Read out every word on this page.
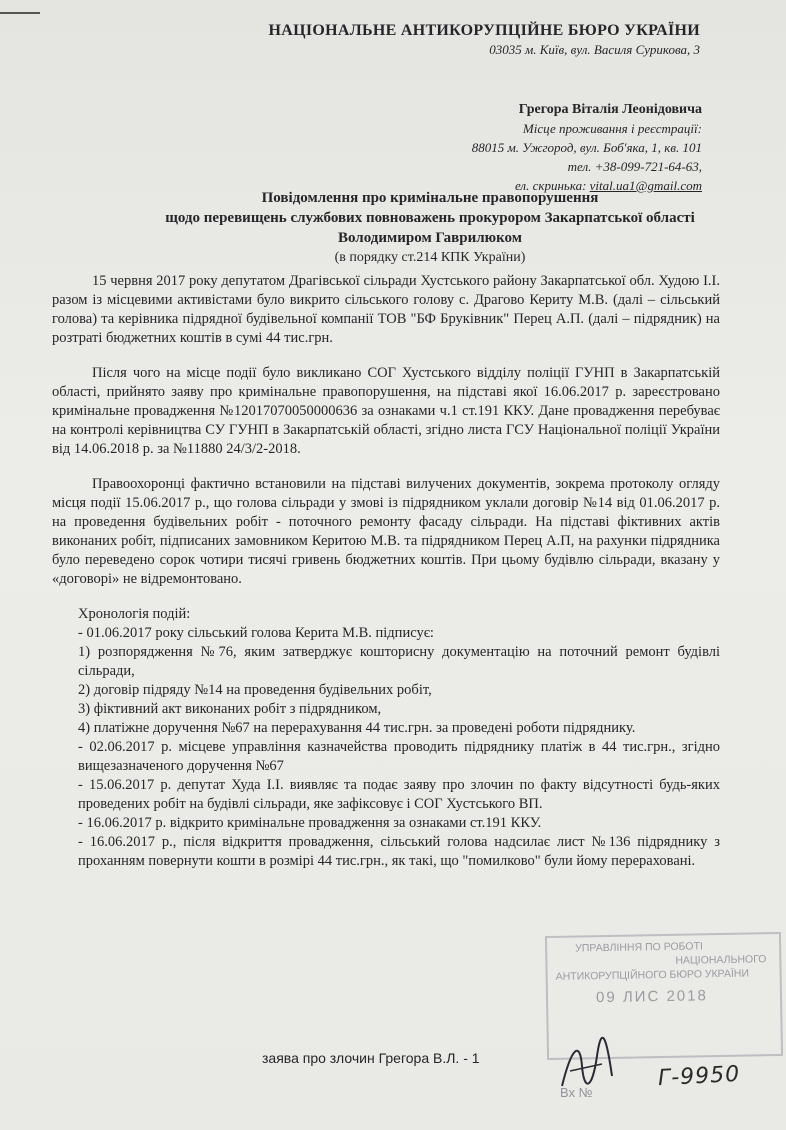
НАЦІОНАЛЬНЕ АНТИКОРУПЦІЙНЕ БЮРО УКРАЇНИ
03035 м. Київ, вул. Василя Сурикова, 3
Грегора Віталія Леонідовича
Місце проживання і реєстрації:
88015 м. Ужгород, вул. Боб'яка, 1, кв. 101
тел. +38-099-721-64-63,
ел. скринька: vital.ua1@gmail.com
Повідомлення про кримінальне правопорушення
щодо перевищень службових повноважень прокурором Закарпатської області
Володимиром Гаврилюком
(в порядку ст.214 КПК України)

15 червня 2017 року депутатом Драгівської сільради Хустського району Закарпатської обл. Худою І.І. разом із місцевими активістами було викрито сільського голову с. Драгово Кериту М.В. (далі – сільський голова) та керівника підрядної будівельної компанії ТОВ "БФ Бруківник" Перец А.П. (далі – підрядник) на розтраті бюджетних коштів в сумі 44 тис.грн.

Після чого на місце події було викликано СОГ Хустського відділу поліції ГУНП в Закарпатській області, прийнято заяву про кримінальне правопорушення, на підставі якої 16.06.2017 р. зареєстровано кримінальне провадження №12017070050000636 за ознаками ч.1 ст.191 ККУ. Дане провадження перебуває на контролі керівництва СУ ГУНП в Закарпатській області, згідно листа ГСУ Національної поліції України від 14.06.2018 р. за №11880 24/3/2-2018.

Правоохоронці фактично встановили на підставі вилучених документів, зокрема протоколу огляду місця події 15.06.2017 р., що голова сільради у змові із підрядником уклали договір №14 від 01.06.2017 р. на проведення будівельних робіт - поточного ремонту фасаду сільради. На підставі фіктивних актів виконаних робіт, підписаних замовником Керитою М.В. та підрядником Перец А.П, на рахунки підрядника було переведено сорок чотири тисячі гривень бюджетних коштів. При цьому будівлю сільради, вказану у «договорі» не відремонтовано.

Хронологія подій:
- 01.06.2017 року сільський голова Керита М.В. підписує:
1) розпорядження №76, яким затверджує кошторисну документацію на поточний ремонт будівлі сільради,
2) договір підряду №14 на проведення будівельних робіт,
3) фіктивний акт виконаних робіт з підрядником,
4) платіжне доручення №67 на перерахування 44 тис.грн. за проведені роботи підряднику.
- 02.06.2017 р. місцеве управління казначейства проводить підряднику платіж в 44 тис.грн., згідно вищезазначеного доручення №67
- 15.06.2017 р. депутат Худа І.І. виявляє та подає заяву про злочин по факту відсутності будь-яких проведених робіт на будівлі сільради, яке зафіксовує і СОГ Хустського ВП.
- 16.06.2017 р. відкрито кримінальне провадження за ознаками ст.191 ККУ.
- 16.06.2017 р., після відкриття провадження, сільський голова надсилає лист №136 підряднику з проханням повернути кошти в розмірі 44 тис.грн., як такі, що "помилково" були йому перераховані.
УПРАВЛІННЯ ПО РОБОТІ
НАЦІОНАЛЬНОГО
АНТИКОРУПЦІЙНОГО БЮРО УКРАЇНИ
09 ЛИС 2018
Вх №
Г-9950
заява про злочин Грегора В.Л. - 1
